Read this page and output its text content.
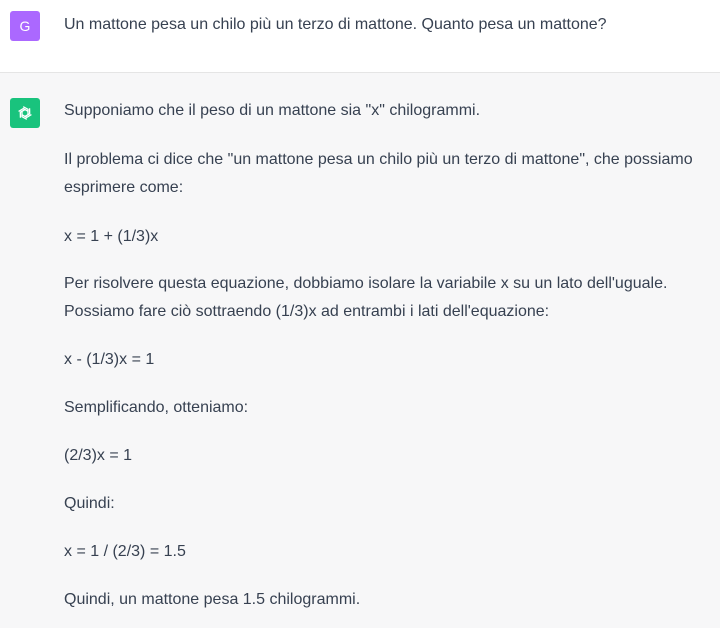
G	Un mattone pesa un chilo più un terzo di mattone. Quanto pesa un mattone?

Supponiamo che il peso di un mattone sia "x" chilogrammi.

Il problema ci dice che "un mattone pesa un chilo più un terzo di mattone", che possiamo esprimere come:

x = 1 + (1/3)x

Per risolvere questa equazione, dobbiamo isolare la variabile x su un lato dell'uguale. Possiamo fare ciò sottraendo (1/3)x ad entrambi i lati dell'equazione:

x - (1/3)x = 1

Semplificando, otteniamo:

(2/3)x = 1

Quindi:

x = 1 / (2/3) = 1.5

Quindi, un mattone pesa 1.5 chilogrammi.
